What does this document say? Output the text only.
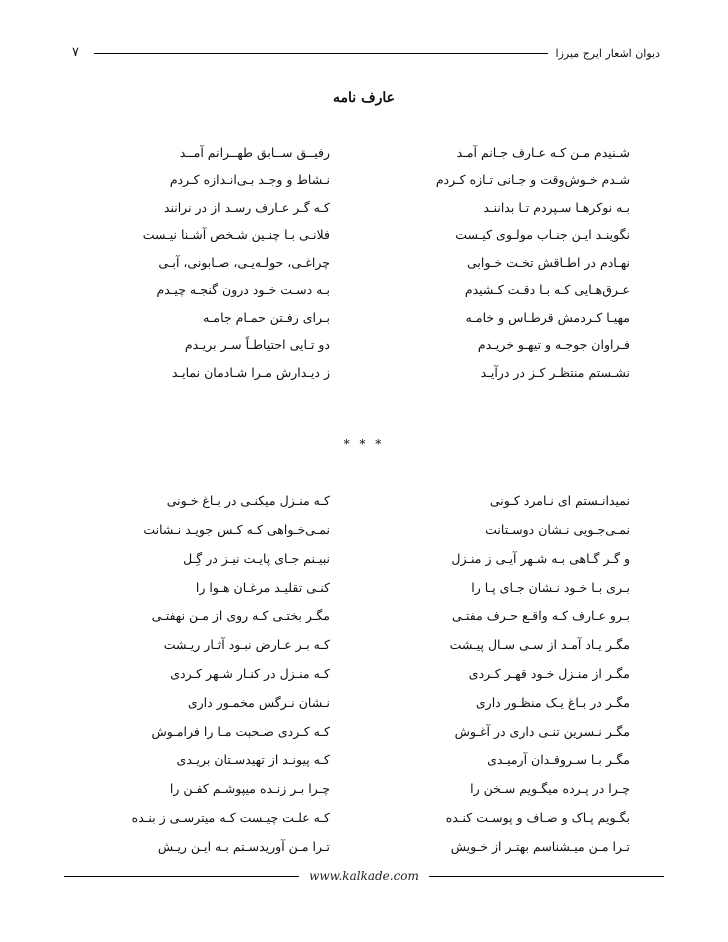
۷	دیوان اشعار ایرج میرزا
عارف نامه
شـنیدم مـن کـه عـارف جـانم آمـد
رفیــق ســابق طهــرانم آمــد
شـدم خـوش‌وقت و جـانی تـازه کـردم
نـشاط و وجـد بـی‌انـدازه کـردم
بـه نوکرهـا سـپردم تـا بداننـد
کـه گـر عـارف رسـد از در نرانند
نگوینـد ایـن جنـاب مولـوی کیـست
فلانـی بـا چنـین شـخص آشـنا نیـست
نهـادم در اطـاقش تخـت خـوابی
چراغـی، حولـه‌یـی، صـابونی، آبـی
عـرق‌هـایی کـه بـا دقـت کـشیدم
بـه دسـت خـود درون گنجـه چیـدم
مهیـا کـردمش قرطـاس و خامـه
بـرای رفـتن حمـام جامـه
فـراوان جوجـه و تیهـو خریـدم
دو تـایی احتیاطـاً سـر بریـدم
نشـستم منتظـر کـز در درآیـد
ز دیـدارش مـرا شـادمان نمایـد
* * *
نمیدانـستم ای نـامرد کـونی
کـه منـزل میکنـی در بـاغ خـونی
نمـی‌جـویی نـشان دوسـتانت
نمـی‌خـواهی کـه کـس جویـد نـشانت
و گـر گـاهی بـه شـهر آیـی ز منـزل
نبیـنم جـای پایـت نیـز در گِـل
بـری بـا خـود نـشان جـای پـا را
کنـی تقلیـد مرغـان هـوا را
بـرو عـارف کـه واقـع حـرف مفتـی
مگـر بختـی کـه روی از مـن نهفتـی
مگـر یـاد آمـد از سـی سـال پیـشت
کـه بـر عـارض نبـود آثـار ریـشت
مگـر از منـزل خـود قهـر کـردی
کـه منـزل در کنـار شـهر کـردی
مگـر در بـاغ یـک منظـور داری
نـشان نـرگس مخمـور داری
مگـر نـسرین تنـی داری در آغـوش
کـه کـردی صـحبت مـا را فرامـوش
مگـر بـا سـروقـدان آرمیـدی
کـه پیونـد از تهیدسـتان بریـدی
چـرا در پـرده میگـویم سـخن را
چـرا بـر زنـده میپوشـم کفـن را
بگـویم پـاک و صـاف و پوسـت کنـده
کـه علـت چیـست کـه میترسـی ز بنـده
تـرا مـن میـشناسم بهتـر از خـویش
تـرا مـن آوریدسـتم بـه ایـن ریـش
www.kalkade.com
